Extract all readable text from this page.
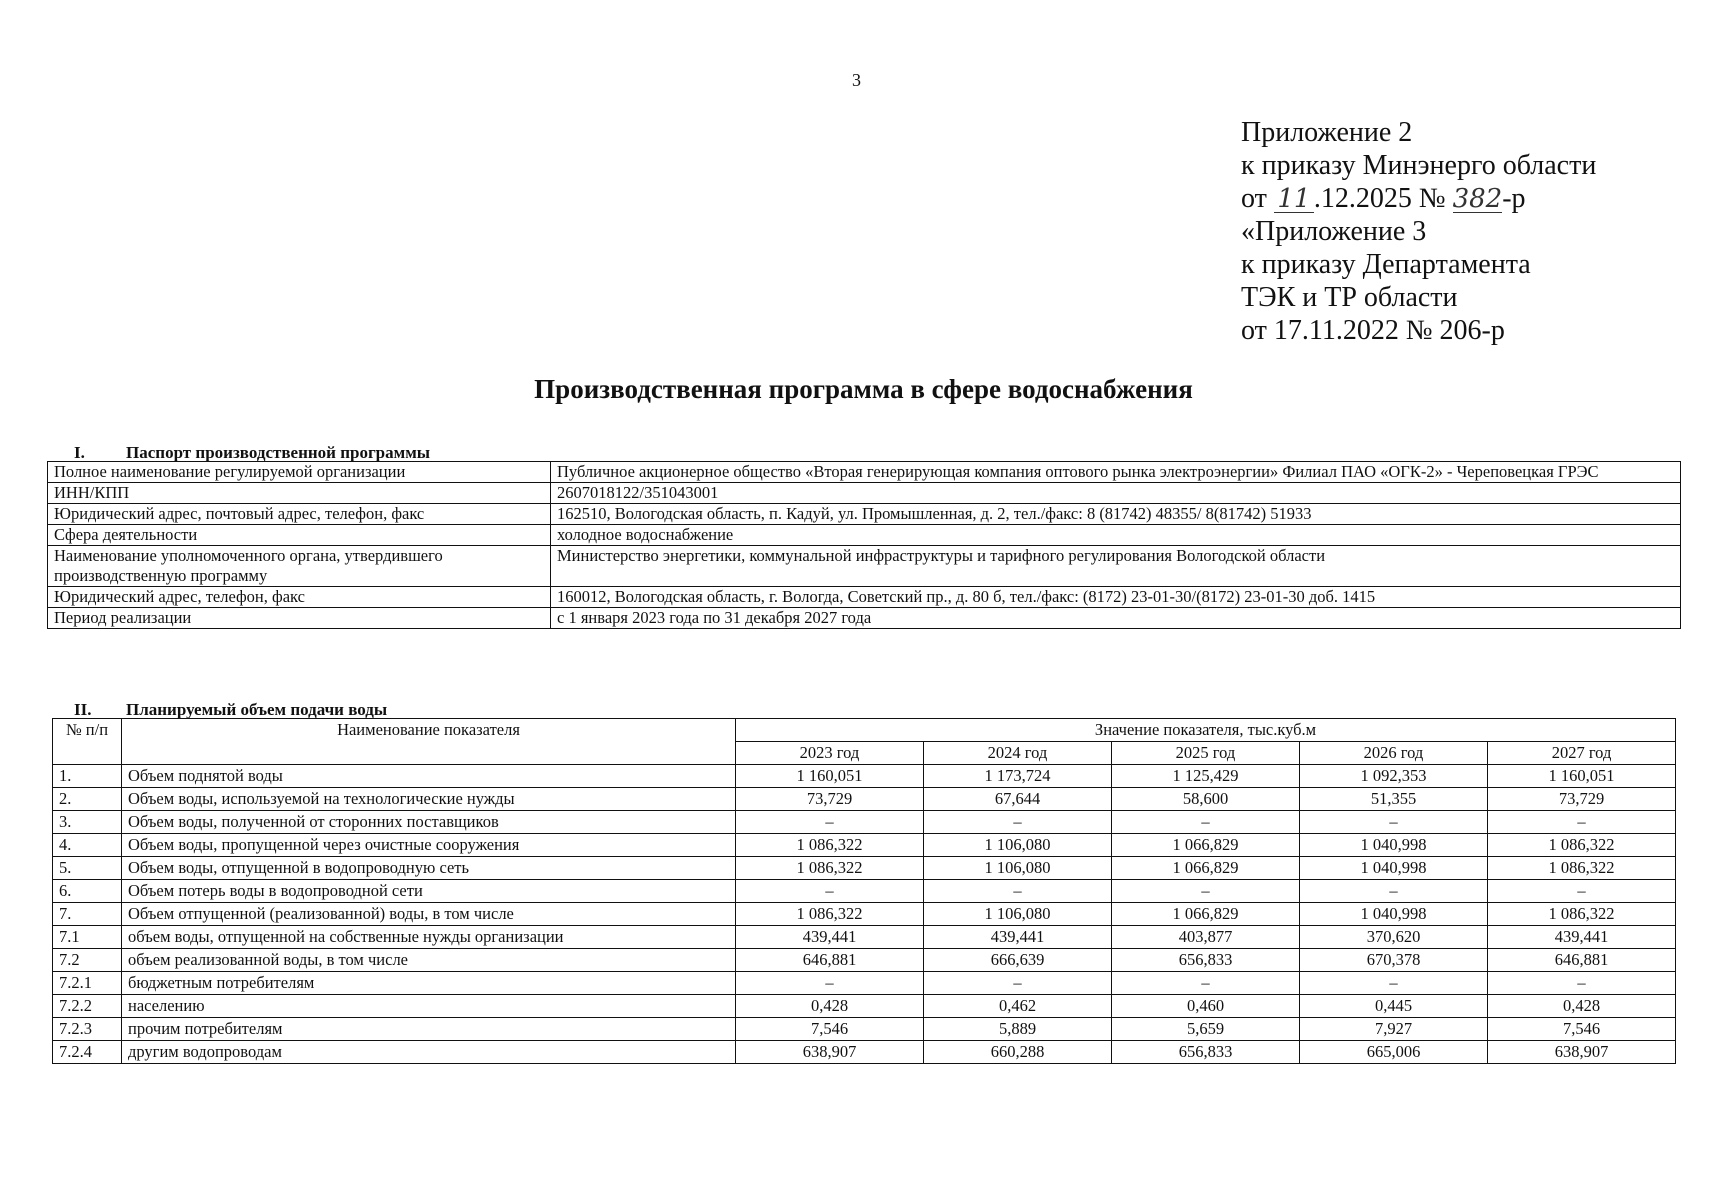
3
Приложение 2
к приказу Минэнерго области
от 11 .12.2025 № 382-р
«Приложение 3
к приказу Департамента
ТЭК и ТР области
от 17.11.2022 № 206-р
Производственная программа в сфере водоснабжения
I. Паспорт производственной программы
Полное наименование регулируемой организации	Публичное акционерное общество «Вторая генерирующая компания оптового рынка электроэнергии» Филиал ПАО «ОГК-2» - Череповецкая ГРЭС
ИНН/КПП	2607018122/351043001
Юридический адрес, почтовый адрес, телефон, факс	162510, Вологодская область, п. Кадуй, ул. Промышленная, д. 2, тел./факс: 8 (81742) 48355/ 8(81742) 51933
Сфера деятельности	холодное водоснабжение
Наименование уполномоченного органа, утвердившего производственную программу	Министерство энергетики, коммунальной инфраструктуры и тарифного регулирования Вологодской области
Юридический адрес, телефон, факс	160012, Вологодская область, г. Вологда, Советский пр., д. 80 б, тел./факс: (8172) 23-01-30/(8172) 23-01-30 доб. 1415
Период реализации	с 1 января 2023 года по 31 декабря 2027 года
II. Планируемый объем подачи воды
№ п/п	Наименование показателя	Значение показателя, тыс.куб.м				
		2023 год	2024 год	2025 год	2026 год	2027 год
1.	Объем поднятой воды	1 160,051	1 173,724	1 125,429	1 092,353	1 160,051
2.	Объем воды, используемой на технологические нужды	73,729	67,644	58,600	51,355	73,729
3.	Объем воды, полученной от сторонних поставщиков	–	–	–	–	–
4.	Объем воды, пропущенной через очистные сооружения	1 086,322	1 106,080	1 066,829	1 040,998	1 086,322
5.	Объем воды, отпущенной в водопроводную сеть	1 086,322	1 106,080	1 066,829	1 040,998	1 086,322
6.	Объем потерь воды в водопроводной сети	–	–	–	–	–
7.	Объем отпущенной (реализованной) воды, в том числе	1 086,322	1 106,080	1 066,829	1 040,998	1 086,322
7.1	объем воды, отпущенной на собственные нужды организации	439,441	439,441	403,877	370,620	439,441
7.2	объем реализованной воды, в том числе	646,881	666,639	656,833	670,378	646,881
7.2.1	бюджетным потребителям	–	–	–	–	–
7.2.2	населению	0,428	0,462	0,460	0,445	0,428
7.2.3	прочим потребителям	7,546	5,889	5,659	7,927	7,546
7.2.4	другим водопроводам	638,907	660,288	656,833	665,006	638,907
